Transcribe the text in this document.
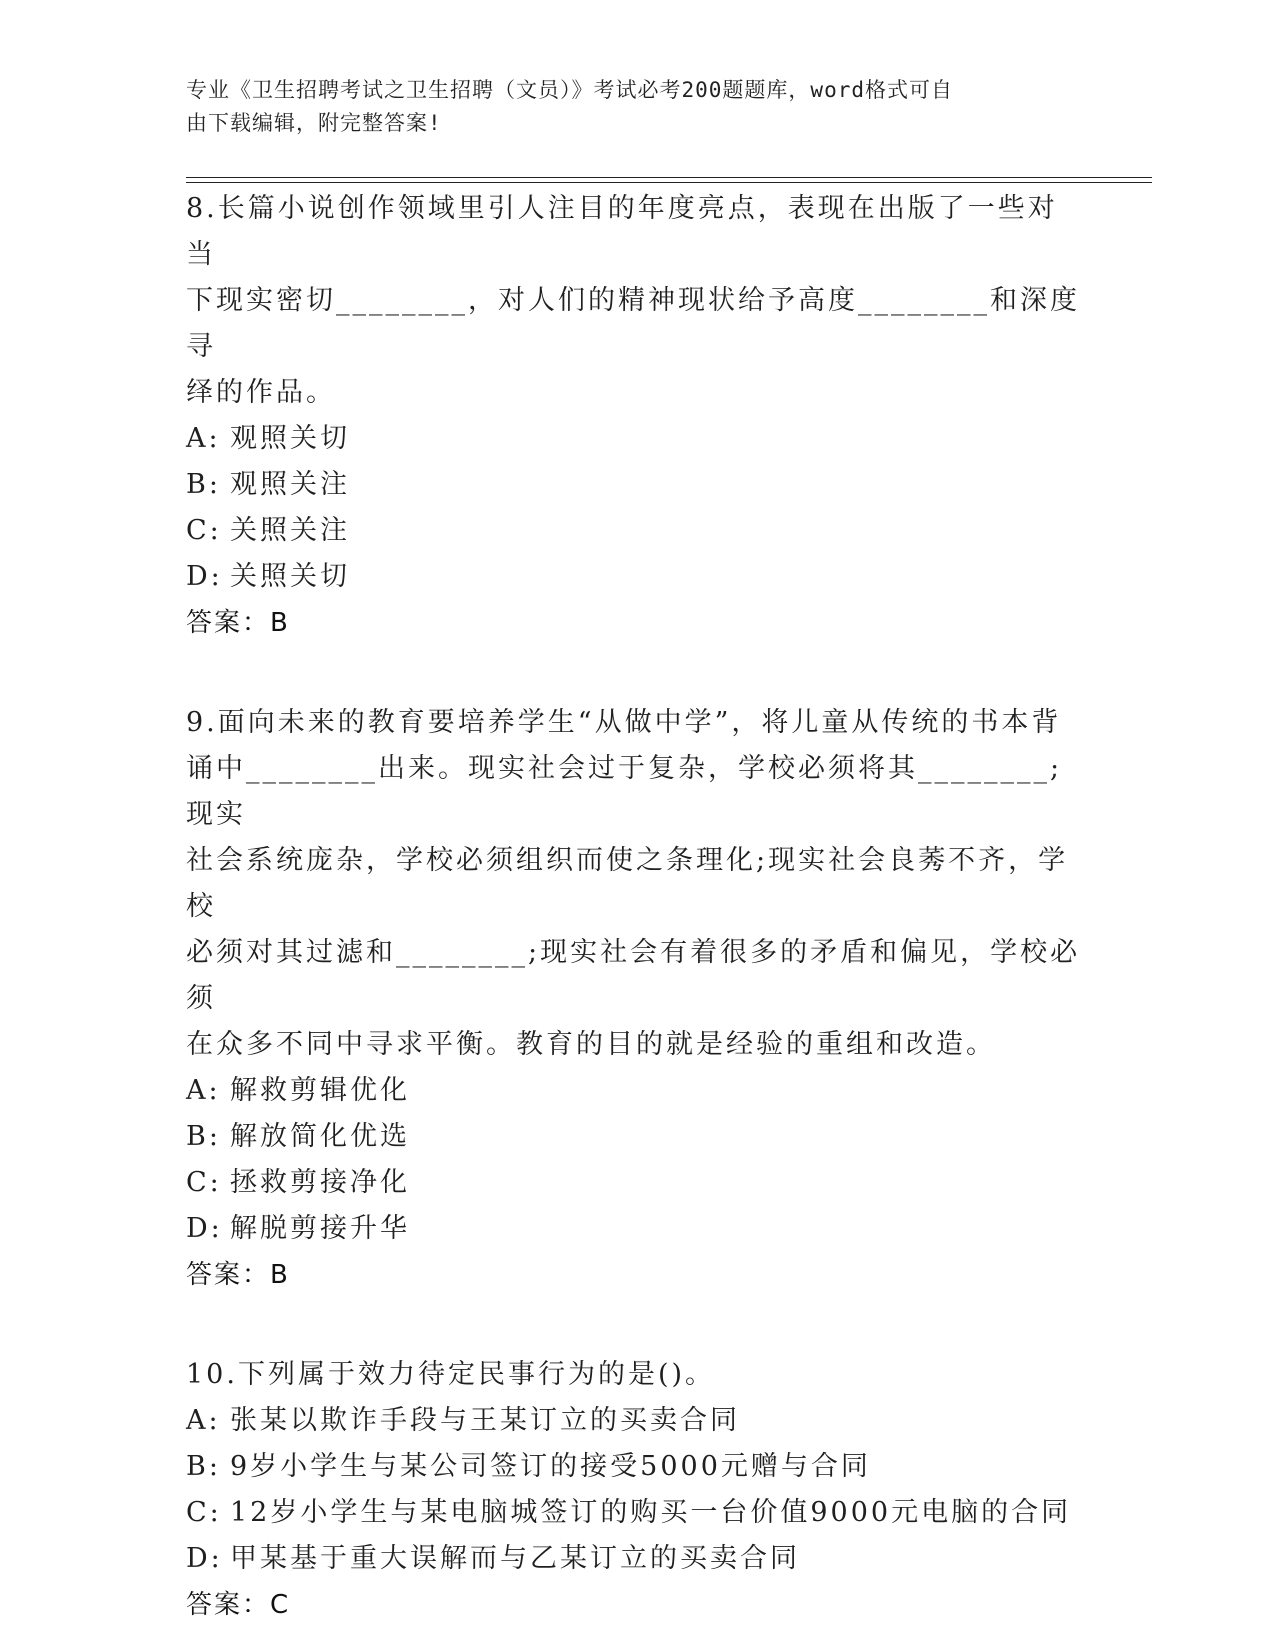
专业《卫生招聘考试之卫生招聘（文员）》考试必考200题题库，word格式可自
由下载编辑，附完整答案!

8.长篇小说创作领域里引人注目的年度亮点，表现在出版了一些对当

下现实密切________，对人们的精神现状给予高度________和深度寻

绎的作品。

A: 观照关切

B: 观照关注

C: 关照关注

D: 关照关切

答案：B

9.面向未来的教育要培养学生“从做中学”，将儿童从传统的书本背

诵中________出来。现实社会过于复杂，学校必须将其________;现实

社会系统庞杂，学校必须组织而使之条理化;现实社会良莠不齐，学校

必须对其过滤和________;现实社会有着很多的矛盾和偏见，学校必须

在众多不同中寻求平衡。教育的目的就是经验的重组和改造。

A: 解救剪辑优化

B: 解放简化优选

C: 拯救剪接净化

D: 解脱剪接升华

答案：B

10.下列属于效力待定民事行为的是()。

A: 张某以欺诈手段与王某订立的买卖合同

B: 9岁小学生与某公司签订的接受5000元赠与合同

C: 12岁小学生与某电脑城签订的购买一台价值9000元电脑的合同

D: 甲某基于重大误解而与乙某订立的买卖合同

答案：C
